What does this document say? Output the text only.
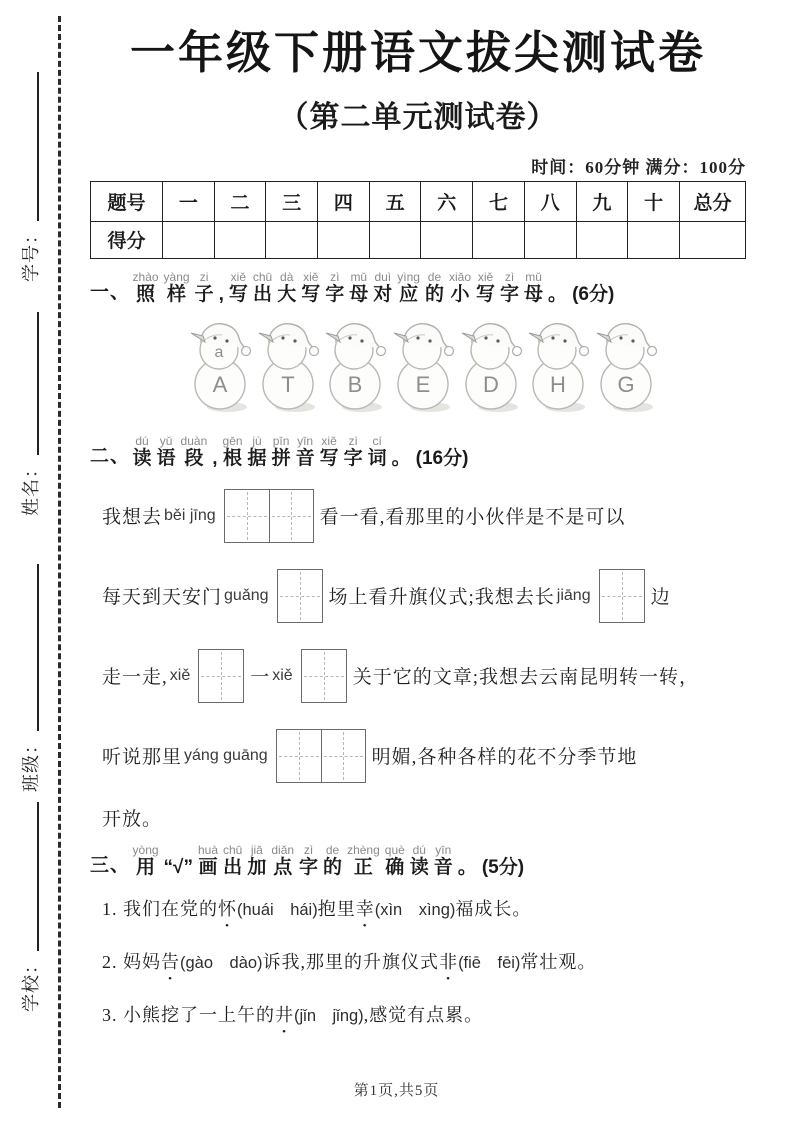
学号：
姓名：
班级：
学校：
一年级下册语文拔尖测试卷
（第二单元测试卷）
时间：60分钟 满分：100分
题号	一	二	三	四	五	六	七	八	九	十	总分
得分											
一、 照zhào样yàng子zi, 写xiě出chū大dà写xiě字zì母mǔ对duì应yìng的de小xiǎo写xiě字zì母mǔ。 (6分)
a
A T B E D H G
二、 读dú语yǔ段duàn, 根gēn据jù拼pīn音yīn写xiě字zì词cí。 (16分)
我想去 běi jīng	看一看,看那里的小伙伴是不是可以
每天到天安门 guǎng	场上看升旗仪式;我想去长 jiāng	边
走一走, xiě	一 xiě	关于它的文章;我想去云南昆明转一转，
听说那里 yáng guāng	明媚,各种各样的花不分季节地
开放。
三、 用yòng“√” 画huà出chū加jiā点diǎn字zì的de正zhèng确què读dú音yīn。 (5分)
1. 我们在党的怀(huái　hái)抱里幸(xìn　xìng)福成长。
2. 妈妈告(gào　dào)诉我,那里的升旗仪式非(fiē　fēi)常壮观。
3. 小熊挖了一上午的井(jǐn　jǐng),感觉有点累。
第1页,共5页
